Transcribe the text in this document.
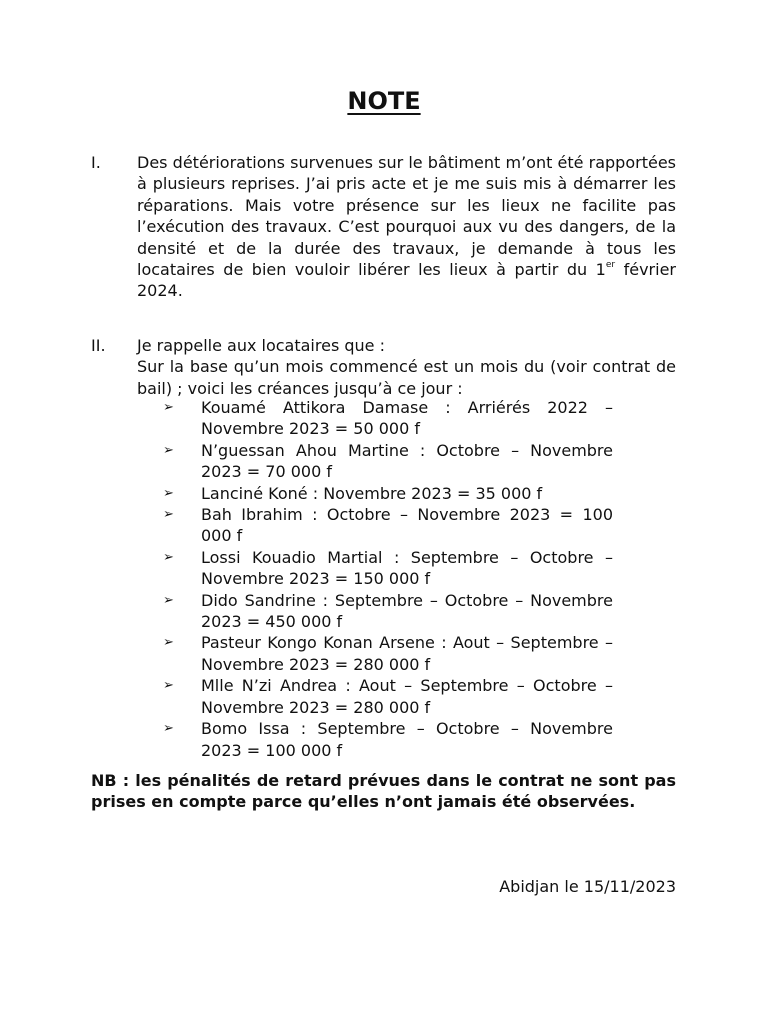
NOTE
I. Des détériorations survenues sur le bâtiment m’ont été rapportées à plusieurs reprises. J’ai pris acte et je me suis mis à démarrer les réparations. Mais votre présence sur les lieux ne facilite pas l’exécution des travaux. C’est pourquoi aux vu des dangers, de la densité et de la durée des travaux, je demande à tous les locataires de bien vouloir libérer les lieux à partir du 1er février 2024.
II. Je rappelle aux locataires que :
Sur la base qu’un mois commencé est un mois du (voir contrat de bail) ; voici les créances jusqu’à ce jour :
➢ Kouamé Attikora Damase : Arriérés 2022 – Novembre 2023 = 50 000 f
➢ N’guessan Ahou Martine : Octobre – Novembre 2023 = 70 000 f
➢ Lanciné Koné : Novembre 2023 = 35 000 f
➢ Bah Ibrahim : Octobre – Novembre 2023 = 100 000 f
➢ Lossi Kouadio Martial : Septembre – Octobre – Novembre 2023 = 150 000 f
➢ Dido Sandrine : Septembre – Octobre – Novembre 2023 = 450 000 f
➢ Pasteur Kongo Konan Arsene : Aout – Septembre – Novembre 2023 = 280 000 f
➢ Mlle N’zi Andrea : Aout – Septembre – Octobre – Novembre 2023 = 280 000 f
➢ Bomo Issa : Septembre – Octobre – Novembre 2023 = 100 000 f
NB : les pénalités de retard prévues dans le contrat ne sont pas prises en compte parce qu’elles n’ont jamais été observées.
Abidjan le 15/11/2023
